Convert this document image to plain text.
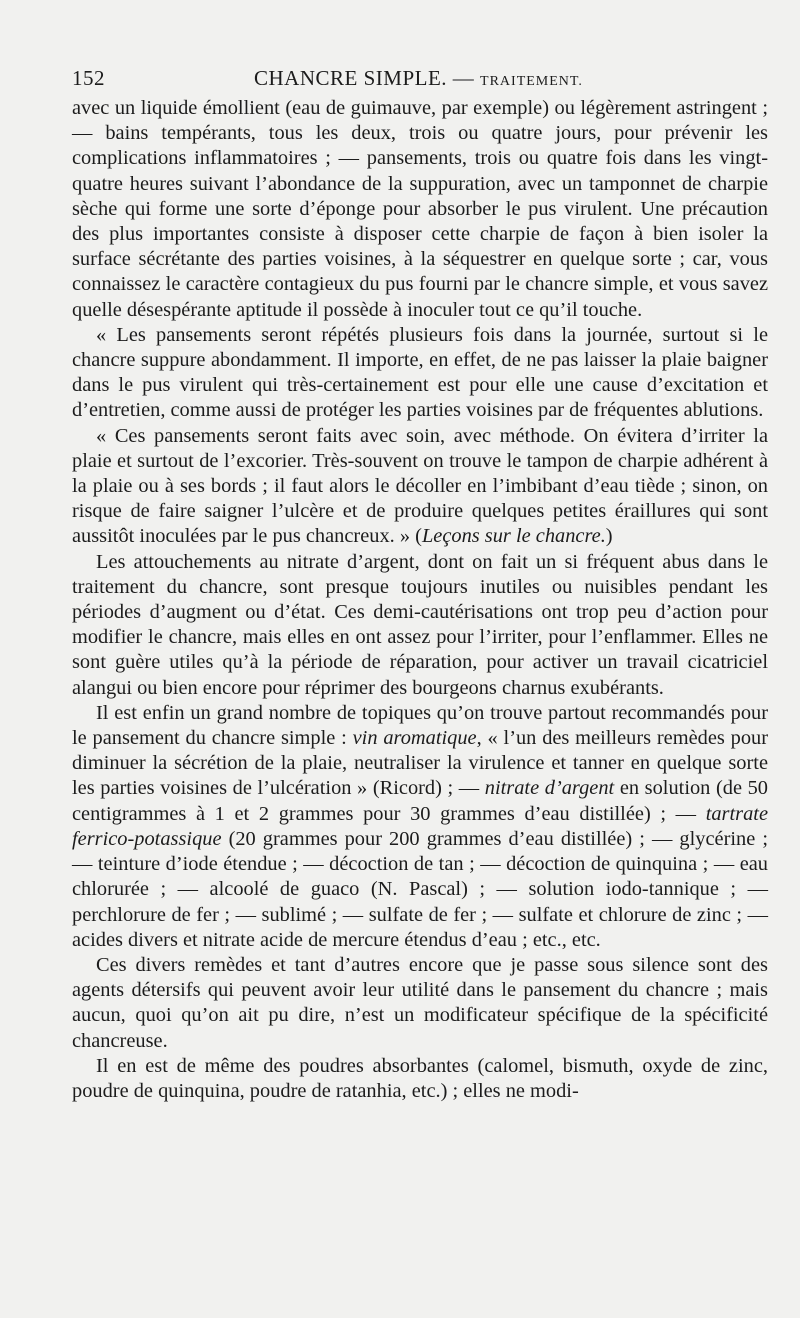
152	CHANCRE SIMPLE. — TRAITEMENT.

avec un liquide émollient (eau de guimauve, par exemple) ou légèrement astringent ; — bains tempérants, tous les deux, trois ou quatre jours, pour prévenir les complications inflammatoires ; — pansements, trois ou quatre fois dans les vingt-quatre heures suivant l’abondance de la suppuration, avec un tamponnet de charpie sèche qui forme une sorte d’éponge pour absorber le pus virulent. Une précaution des plus importantes consiste à disposer cette charpie de façon à bien isoler la surface sécrétante des parties voisines, à la séquestrer en quelque sorte ; car, vous connaissez le caractère contagieux du pus fourni par le chancre simple, et vous savez quelle désespérante aptitude il possède à inoculer tout ce qu’il touche.

« Les pansements seront répétés plusieurs fois dans la journée, surtout si le chancre suppure abondamment. Il importe, en effet, de ne pas laisser la plaie baigner dans le pus virulent qui très-certainement est pour elle une cause d’excitation et d’entretien, comme aussi de protéger les parties voisines par de fréquentes ablutions.

« Ces pansements seront faits avec soin, avec méthode. On évitera d’irriter la plaie et surtout de l’excorier. Très-souvent on trouve le tampon de charpie adhérent à la plaie ou à ses bords ; il faut alors le décoller en l’imbibant d’eau tiède ; sinon, on risque de faire saigner l’ulcère et de produire quelques petites éraillures qui sont aussitôt inoculées par le pus chancreux. » (Leçons sur le chancre.)

Les attouchements au nitrate d’argent, dont on fait un si fréquent abus dans le traitement du chancre, sont presque toujours inutiles ou nuisibles pendant les périodes d’augment ou d’état. Ces demi-cautérisations ont trop peu d’action pour modifier le chancre, mais elles en ont assez pour l’irriter, pour l’enflammer. Elles ne sont guère utiles qu’à la période de réparation, pour activer un travail cicatriciel alangui ou bien encore pour réprimer des bourgeons charnus exubérants.

Il est enfin un grand nombre de topiques qu’on trouve partout recommandés pour le pansement du chancre simple : vin aromatique, « l’un des meilleurs remèdes pour diminuer la sécrétion de la plaie, neutraliser la virulence et tanner en quelque sorte les parties voisines de l’ulcération » (Ricord) ; — nitrate d’argent en solution (de 50 centigrammes à 1 et 2 grammes pour 30 grammes d’eau distillée) ; — tartrate ferrico-potassique (20 grammes pour 200 grammes d’eau distillée) ; — glycérine ; — teinture d’iode étendue ; — décoction de tan ; — décoction de quinquina ; — eau chlorurée ; — alcoolé de guaco (N. Pascal) ; — solution iodo-tannique ; — perchlorure de fer ; — sublimé ; — sulfate de fer ; — sulfate et chlorure de zinc ; — acides divers et nitrate acide de mercure étendus d’eau ; etc., etc.

Ces divers remèdes et tant d’autres encore que je passe sous silence sont des agents détersifs qui peuvent avoir leur utilité dans le pansement du chancre ; mais aucun, quoi qu’on ait pu dire, n’est un modificateur spécifique de la spécificité chancreuse.

Il en est de même des poudres absorbantes (calomel, bismuth, oxyde de zinc, poudre de quinquina, poudre de ratanhia, etc.) ; elles ne modi-
